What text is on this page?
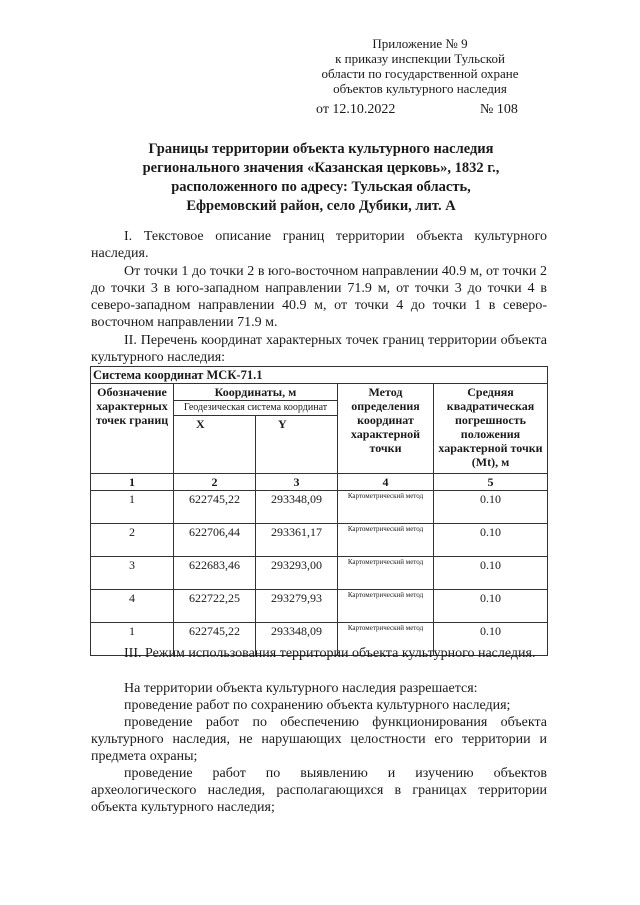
Приложение № 9
к приказу инспекции Тульской
области по государственной охране
объектов культурного наследия
от 12.10.2022	№ 108
Границы территории объекта культурного наследия
регионального значения «Казанская церковь», 1832 г.,
расположенного по адресу: Тульская область,
Ефремовский район, село Дубики, лит. А
I. Текстовое описание границ территории объекта культурного наследия.
От точки 1 до точки 2 в юго-восточном направлении 40.9 м, от точки 2 до точки 3 в юго-западном направлении 71.9 м, от точки 3 до точки 4 в северо-западном направлении 40.9 м, от точки 4 до точки 1 в северо-восточном направлении 71.9 м.
II. Перечень координат характерных точек границ территории объекта культурного наследия:
Система координат МСК-71.1				
Обозначение характерных точек границ	Координаты, м		Метод определения координат характерной точки	Средняя квадратическая погрешность положения характерной точки (Mt), м
	Геодезическая система координат			
	X	Y		
1	2	3	4	5
1	622745,22	293348,09	Картометрический метод	0.10
2	622706,44	293361,17	Картометрический метод	0.10
3	622683,46	293293,00	Картометрический метод	0.10
4	622722,25	293279,93	Картометрический метод	0.10
1	622745,22	293348,09	Картометрический метод	0.10
III. Режим использования территории объекта культурного наследия.
На территории объекта культурного наследия разрешается:
проведение работ по сохранению объекта культурного наследия;
проведение работ по обеспечению функционирования объекта культурного наследия, не нарушающих целостности его территории и предмета охраны;
проведение работ по выявлению и изучению объектов археологического наследия, располагающихся в границах территории объекта культурного наследия;
